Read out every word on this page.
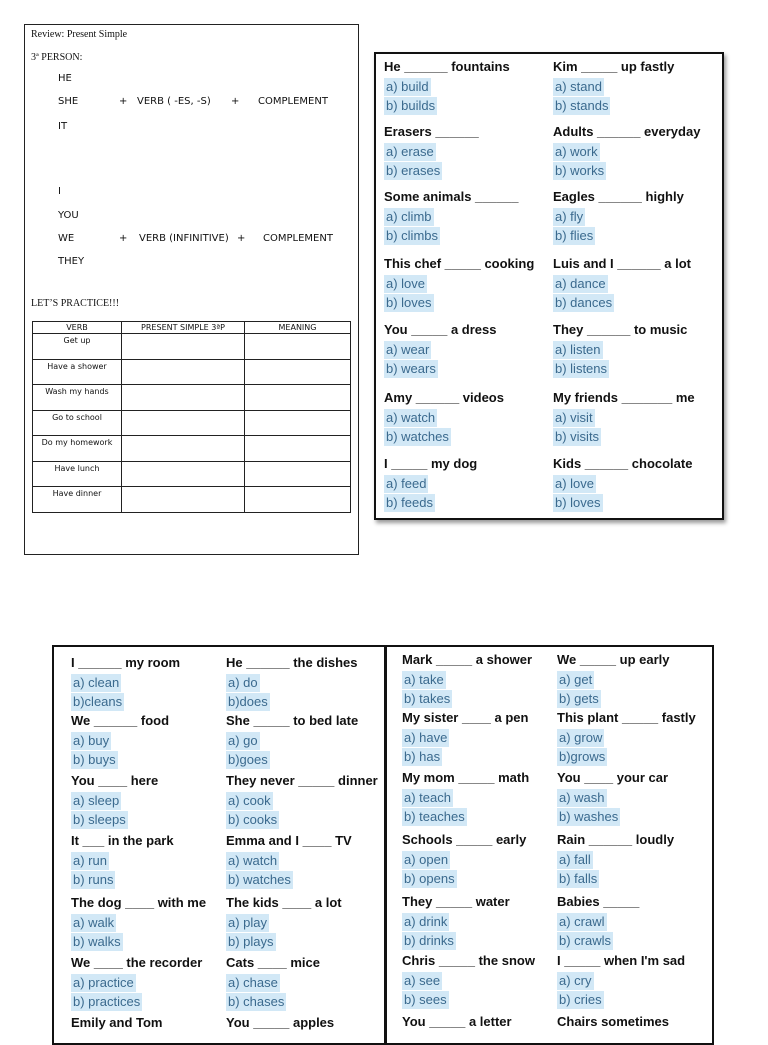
Review: Present Simple
3ª PERSON:
HE
SHE
IT
+ VERB ( -ES, -S) + COMPLEMENT
I
YOU
WE
THEY
+ VERB (INFINITIVE) + COMPLEMENT
LET’S PRACTICE!!!
VERB	PRESENT SIMPLE 3ªP	MEANING
Get up		
Have a shower		
Wash my hands		
Go to school		
Do my homework		
Have lunch		
Have dinner		
He ______ fountains
a) build
b) builds
Kim _____ up fastly
a) stand
b) stands
Erasers ______
a) erase
b) erases
Adults ______ everyday
a) work
b) works
Some animals ______
a) climb
b) climbs
Eagles ______ highly
a) fly
b) flies
This chef _____ cooking
a) love
b) loves
Luis and I ______ a lot
a) dance
b) dances
You _____ a dress
a) wear
b) wears
They ______ to music
a) listen
b) listens
Amy ______ videos
a) watch
b) watches
My friends _______ me
a) visit
b) visits
I _____ my dog
a) feed
b) feeds
Kids ______ chocolate
a) love
b) loves
I ______ my room
a) clean
b)cleans
He ______ the dishes
a) do
b)does
We ______ food
a) buy
b) buys
She _____ to bed late
a) go
b)goes
You ____ here
a) sleep
b) sleeps
They never _____ dinner
a) cook
b) cooks
It ___ in the park
a) run
b) runs
Emma and I ____ TV
a) watch
b) watches
The dog ____ with me
a) walk
b) walks
The kids ____ a lot
a) play
b) plays
We ____ the recorder
a) practice
b) practices
Cats ____ mice
a) chase
b) chases
Emily and Tom	You _____ apples
Mark _____ a shower
a) take
b) takes
We _____ up early
a) get
b) gets
My sister ____ a pen
a) have
b) has
This plant _____ fastly
a) grow
b)grows
My mom _____ math
a) teach
b) teaches
You ____ your car
a) wash
b) washes
Schools _____ early
a) open
b) opens
Rain ______ loudly
a) fall
b) falls
They _____ water
a) drink
b) drinks
Babies _____
a) crawl
b) crawls
Chris _____ the snow
a) see
b) sees
I _____ when I'm sad
a) cry
b) cries
You _____ a letter	Chairs sometimes
